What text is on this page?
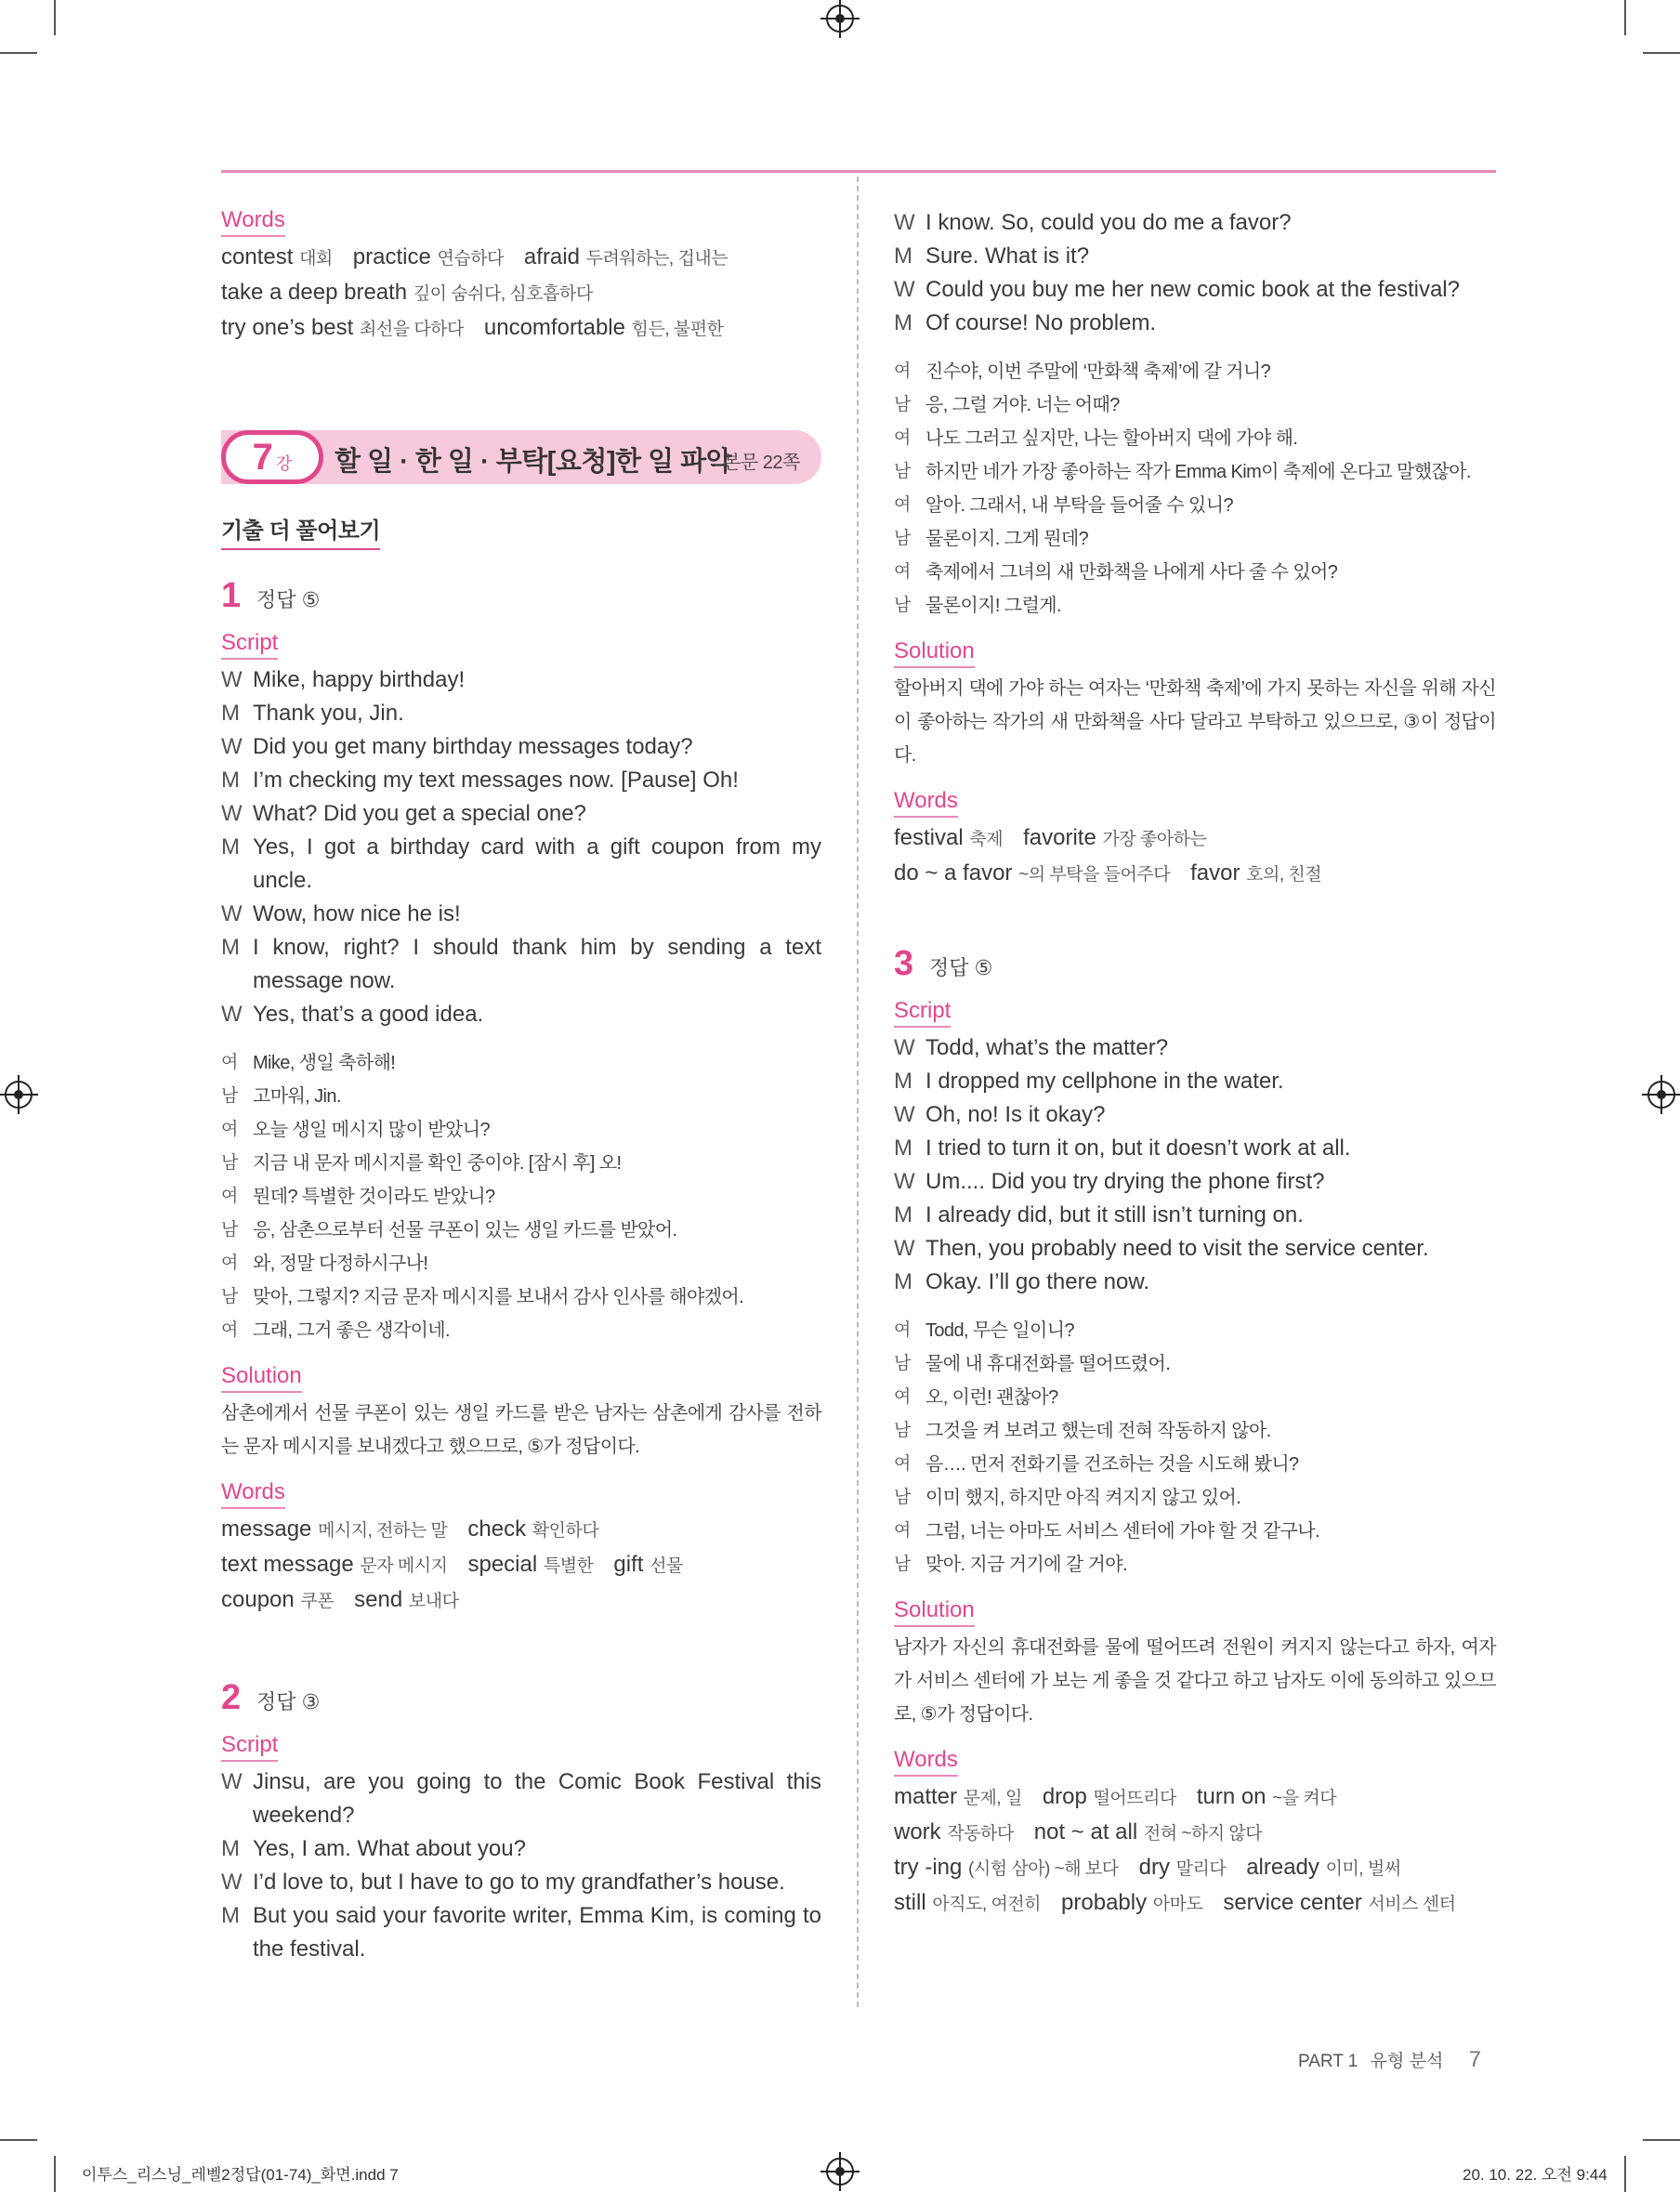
Words
contest 대회 practice 연습하다 afraid 두려워하는, 겁내는
take a deep breath 깊이 숨쉬다, 심호흡하다
try one’s best 최선을 다하다 uncomfortable 힘든, 불편한
7 강 할 일 · 한 일 · 부탁[요청]한 일 파악
본문 22쪽
기출 더 풀어보기
1 정답 ⑤
Script
W Mike, happy birthday!
M Thank you, Jin.
W Did you get many birthday messages today?
M I’m checking my text messages now. [Pause] Oh!
W What? Did you get a special one?
M Yes, I got a birthday card with a gift coupon from my uncle.
W Wow, how nice he is!
M I know, right? I should thank him by sending a text message now.
W Yes, that’s a good idea.
여 Mike, 생일 축하해!
남 고마워, Jin.
여 오늘 생일 메시지 많이 받았니?
남 지금 내 문자 메시지를 확인 중이야. [잠시 후] 오!
여 뭔데? 특별한 것이라도 받았니?
남 응, 삼촌으로부터 선물 쿠폰이 있는 생일 카드를 받았어.
여 와, 정말 다정하시구나!
남 맞아, 그렇지? 지금 문자 메시지를 보내서 감사 인사를 해야겠어.
여 그래, 그거 좋은 생각이네.
Solution
삼촌에게서 선물 쿠폰이 있는 생일 카드를 받은 남자는 삼촌에게 감사를 전하는 문자 메시지를 보내겠다고 했으므로, ⑤가 정답이다.
Words
message 메시지, 전하는 말 check 확인하다
text message 문자 메시지 special 특별한 gift 선물
coupon 쿠폰 send 보내다
2 정답 ③
Script
W Jinsu, are you going to the Comic Book Festival this weekend?
M Yes, I am. What about you?
W I’d love to, but I have to go to my grandfather’s house.
M But you said your favorite writer, Emma Kim, is coming to the festival.
W I know. So, could you do me a favor?
M Sure. What is it?
W Could you buy me her new comic book at the festival?
M Of course! No problem.
여 진수야, 이번 주말에 ‘만화책 축제’에 갈 거니?
남 응, 그럴 거야. 너는 어때?
여 나도 그러고 싶지만, 나는 할아버지 댁에 가야 해.
남 하지만 네가 가장 좋아하는 작가 Emma Kim이 축제에 온다고 말했잖아.
여 알아. 그래서, 내 부탁을 들어줄 수 있니?
남 물론이지. 그게 뭔데?
여 축제에서 그녀의 새 만화책을 나에게 사다 줄 수 있어?
남 물론이지! 그럴게.
Solution
할아버지 댁에 가야 하는 여자는 ‘만화책 축제’에 가지 못하는 자신을 위해 자신이 좋아하는 작가의 새 만화책을 사다 달라고 부탁하고 있으므로, ③이 정답이다.
Words
festival 축제 favorite 가장 좋아하는
do ~ a favor ~의 부탁을 들어주다 favor 호의, 친절
3 정답 ⑤
Script
W Todd, what’s the matter?
M I dropped my cellphone in the water.
W Oh, no! Is it okay?
M I tried to turn it on, but it doesn’t work at all.
W Um.... Did you try drying the phone first?
M I already did, but it still isn’t turning on.
W Then, you probably need to visit the service center.
M Okay. I’ll go there now.
여 Todd, 무슨 일이니?
남 물에 내 휴대전화를 떨어뜨렸어.
여 오, 이런! 괜찮아?
남 그것을 켜 보려고 했는데 전혀 작동하지 않아.
여 음…. 먼저 전화기를 건조하는 것을 시도해 봤니?
남 이미 했지, 하지만 아직 켜지지 않고 있어.
여 그럼, 너는 아마도 서비스 센터에 가야 할 것 같구나.
남 맞아. 지금 거기에 갈 거야.
Solution
남자가 자신의 휴대전화를 물에 떨어뜨려 전원이 켜지지 않는다고 하자, 여자가 서비스 센터에 가 보는 게 좋을 것 같다고 하고 남자도 이에 동의하고 있으므로, ⑤가 정답이다.
Words
matter 문제, 일 drop 떨어뜨리다 turn on ~을 켜다
work 작동하다 not ~ at all 전혀 ~하지 않다
try -ing (시험 삼아) ~해 보다 dry 말리다 already 이미, 벌써
still 아직도, 여전히 probably 아마도 service center 서비스 센터
PART 1 유형 분석 7
이투스_리스닝_레벨2정답(01-74)_화면.indd 7	20. 10. 22. 오전 9:44
